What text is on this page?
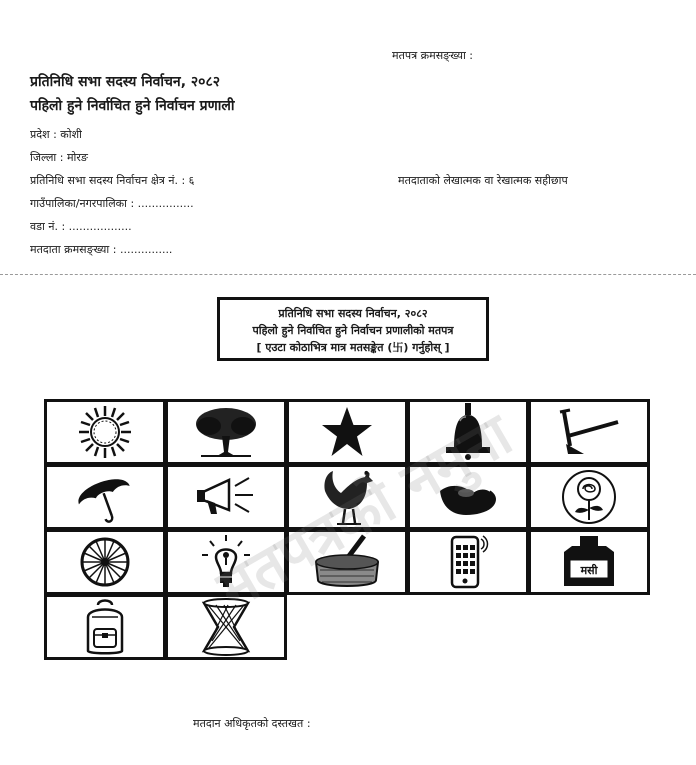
मतपत्र क्रमसङ्ख्या :
प्रतिनिधि सभा सदस्य निर्वाचन, २०८२
पहिलो हुने निर्वाचित हुने निर्वाचन प्रणाली
प्रदेश : कोशी
जिल्ला : मोरङ
प्रतिनिधि सभा सदस्य निर्वाचन क्षेत्र नं. : ६
गाउँपालिका/नगरपालिका : ................
वडा नं. : ..................
मतदाता क्रमसङ्ख्या : ...............
मतदाताको लेखात्मक वा रेखात्मक सहीछाप
प्रतिनिधि सभा सदस्य निर्वाचन, २०८२
पहिलो हुने निर्वाचित हुने निर्वाचन प्रणालीको मतपत्र
[ एउटा कोठाभित्र मात्र मतसङ्केत (卐) गर्नुहोस् ]
मसी
मतदान अधिकृतको दस्तखत :
